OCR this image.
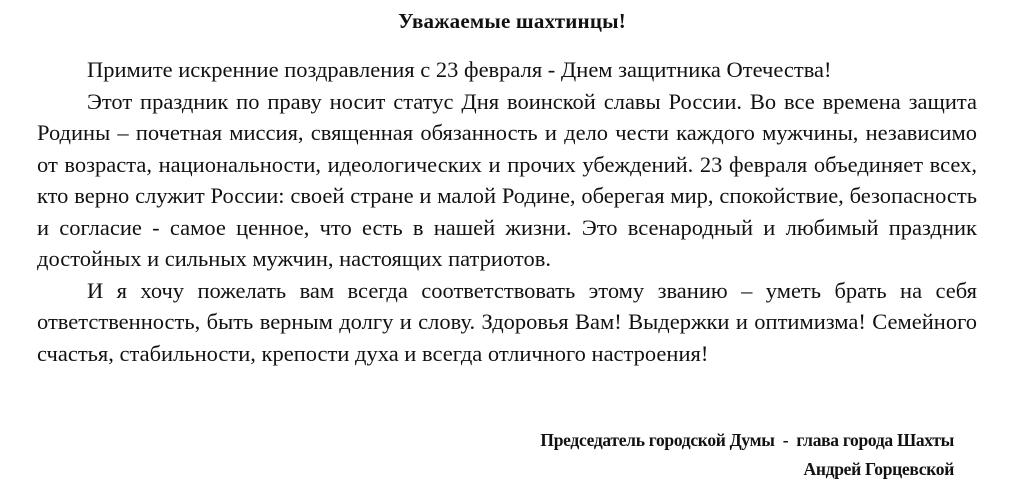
Уважаемые шахтинцы!

Примите искренние поздравления с 23 февраля - Днем защитника Отечества!

Этот праздник по праву носит статус Дня воинской славы России. Во все времена защита Родины – почетная миссия, священная обязанность и дело чести каждого мужчины, независимо от возраста, национальности, идеологических и прочих убеждений. 23 февраля объединяет всех, кто верно служит России: своей стране и малой Родине, оберегая мир, спокойствие, безопасность и согласие - самое ценное, что есть в нашей жизни. Это всенародный и любимый праздник достойных и сильных мужчин, настоящих патриотов.

И я хочу пожелать вам всегда соответствовать этому званию – уметь брать на себя ответственность, быть верным долгу и слову. Здоровья Вам! Выдержки и оптимизма! Семейного счастья, стабильности, крепости духа и всегда отличного настроения!

Председатель городской Думы  -  глава города Шахты
Андрей Горцевской
